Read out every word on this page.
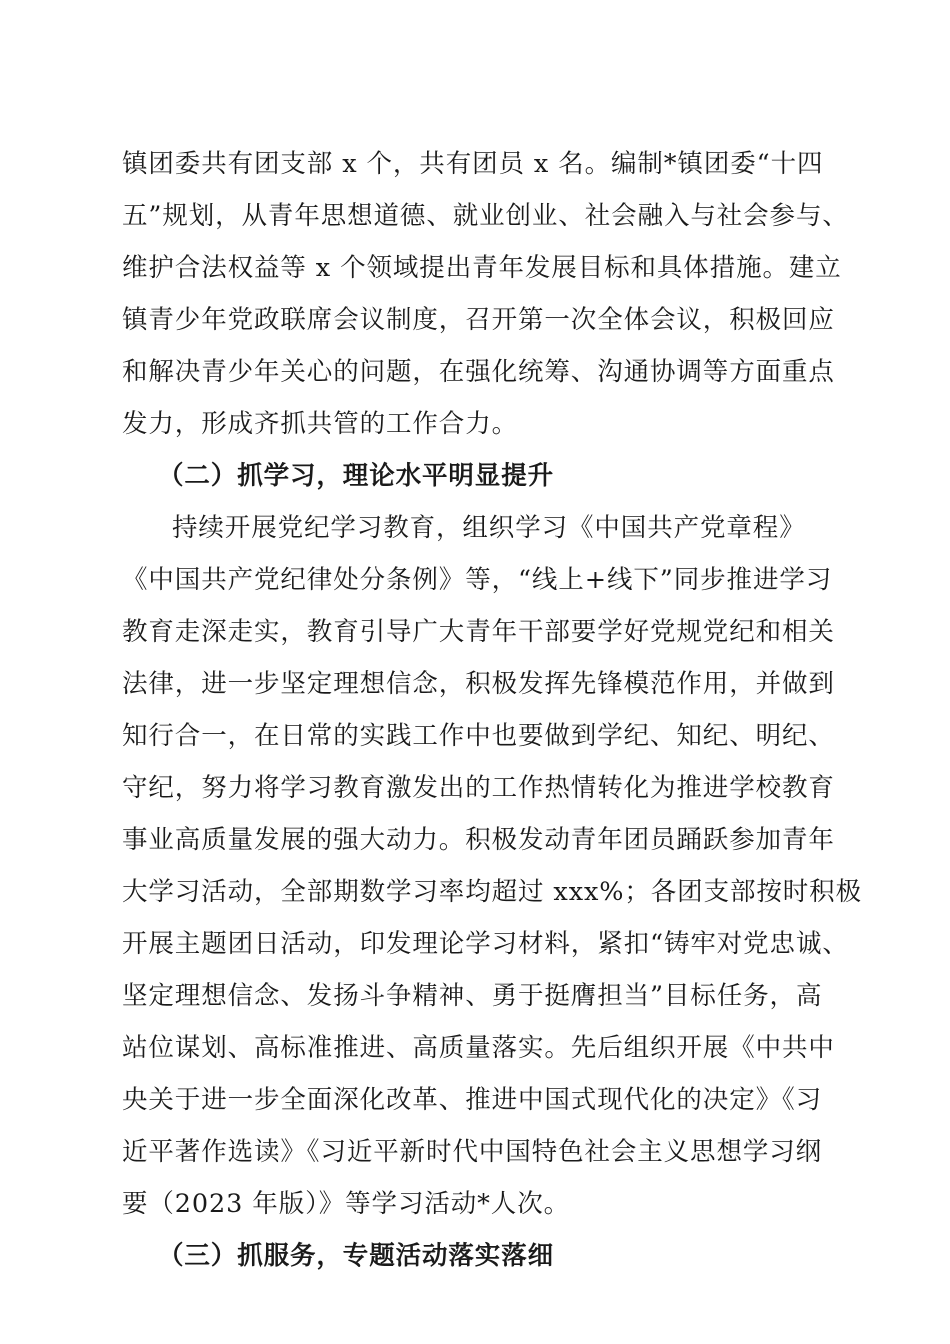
镇团委共有团支部 x 个，共有团员 x 名。编制*镇团委“十四
五”规划，从青年思想道德、就业创业、社会融入与社会参与、
维护合法权益等 x 个领域提出青年发展目标和具体措施。建立
镇青少年党政联席会议制度，召开第一次全体会议，积极回应
和解决青少年关心的问题，在强化统筹、沟通协调等方面重点
发力，形成齐抓共管的工作合力。
（二）抓学习，理论水平明显提升
持续开展党纪学习教育，组织学习《中国共产党章程》
《中国共产党纪律处分条例》等，“线上+线下”同步推进学习
教育走深走实，教育引导广大青年干部要学好党规党纪和相关
法律，进一步坚定理想信念，积极发挥先锋模范作用，并做到
知行合一，在日常的实践工作中也要做到学纪、知纪、明纪、
守纪，努力将学习教育激发出的工作热情转化为推进学校教育
事业高质量发展的强大动力。积极发动青年团员踊跃参加青年
大学习活动，全部期数学习率均超过 xxx%；各团支部按时积极
开展主题团日活动，印发理论学习材料，紧扣“铸牢对党忠诚、
坚定理想信念、发扬斗争精神、勇于挺膺担当”目标任务，高
站位谋划、高标准推进、高质量落实。先后组织开展《中共中
央关于进一步全面深化改革、推进中国式现代化的决定》《习
近平著作选读》《习近平新时代中国特色社会主义思想学习纲
要（2023 年版）》等学习活动*人次。
（三）抓服务，专题活动落实落细
